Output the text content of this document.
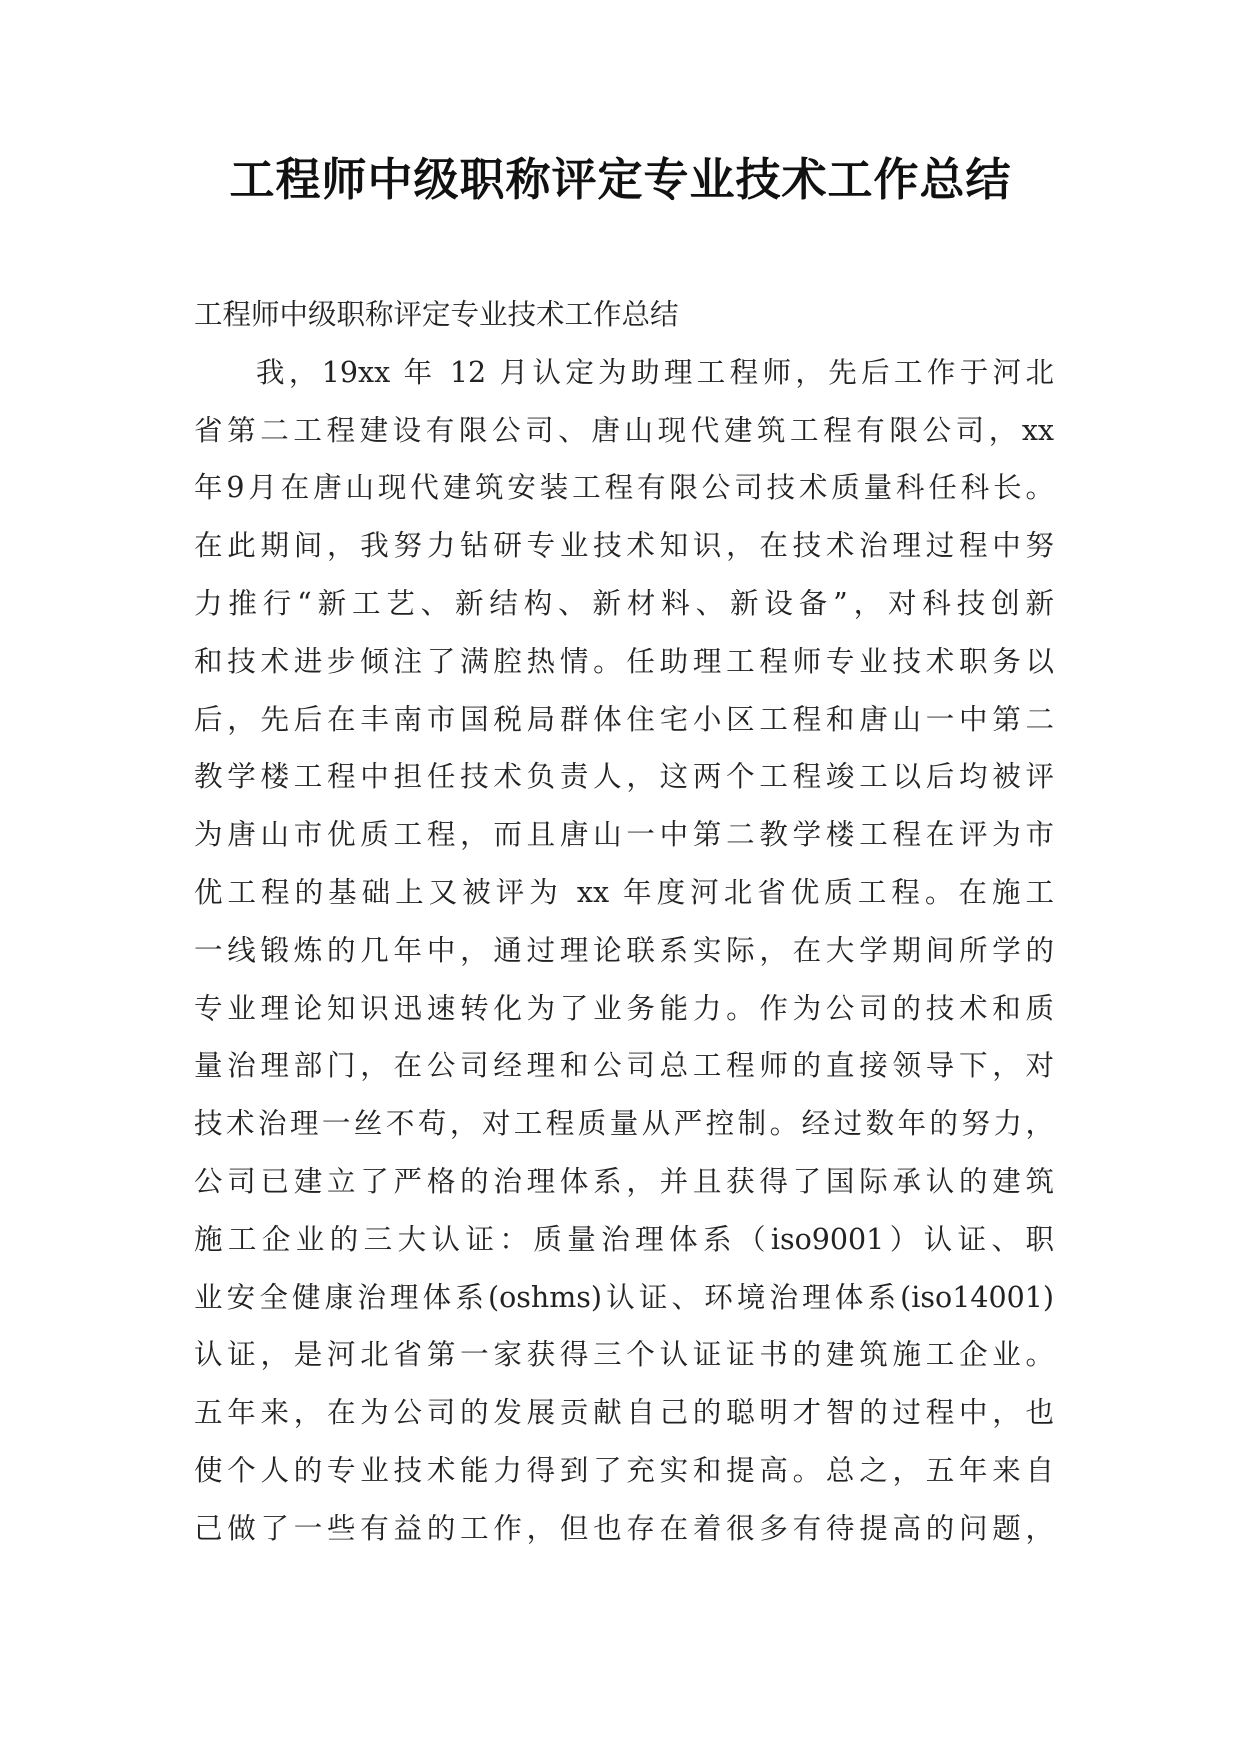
工程师中级职称评定专业技术工作总结
工程师中级职称评定专业技术工作总结
我，19xx 年 12 月认定为助理工程师，先后工作于河北
省第二工程建设有限公司、唐山现代建筑工程有限公司，xx
年9月在唐山现代建筑安装工程有限公司技术质量科任科长。
在此期间，我努力钻研专业技术知识，在技术治理过程中努
力推行“新工艺、新结构、新材料、新设备”，对科技创新
和技术进步倾注了满腔热情。任助理工程师专业技术职务以
后，先后在丰南市国税局群体住宅小区工程和唐山一中第二
教学楼工程中担任技术负责人，这两个工程竣工以后均被评
为唐山市优质工程，而且唐山一中第二教学楼工程在评为市
优工程的基础上又被评为 xx 年度河北省优质工程。在施工
一线锻炼的几年中，通过理论联系实际，在大学期间所学的
专业理论知识迅速转化为了业务能力。作为公司的技术和质
量治理部门，在公司经理和公司总工程师的直接领导下，对
技术治理一丝不苟，对工程质量从严控制。经过数年的努力，
公司已建立了严格的治理体系，并且获得了国际承认的建筑
施工企业的三大认证：质量治理体系（iso9001）认证、职
业安全健康治理体系(oshms)认证、环境治理体系(iso14001)
认证，是河北省第一家获得三个认证证书的建筑施工企业。
五年来，在为公司的发展贡献自己的聪明才智的过程中，也
使个人的专业技术能力得到了充实和提高。总之，五年来自
己做了一些有益的工作，但也存在着很多有待提高的问题，
